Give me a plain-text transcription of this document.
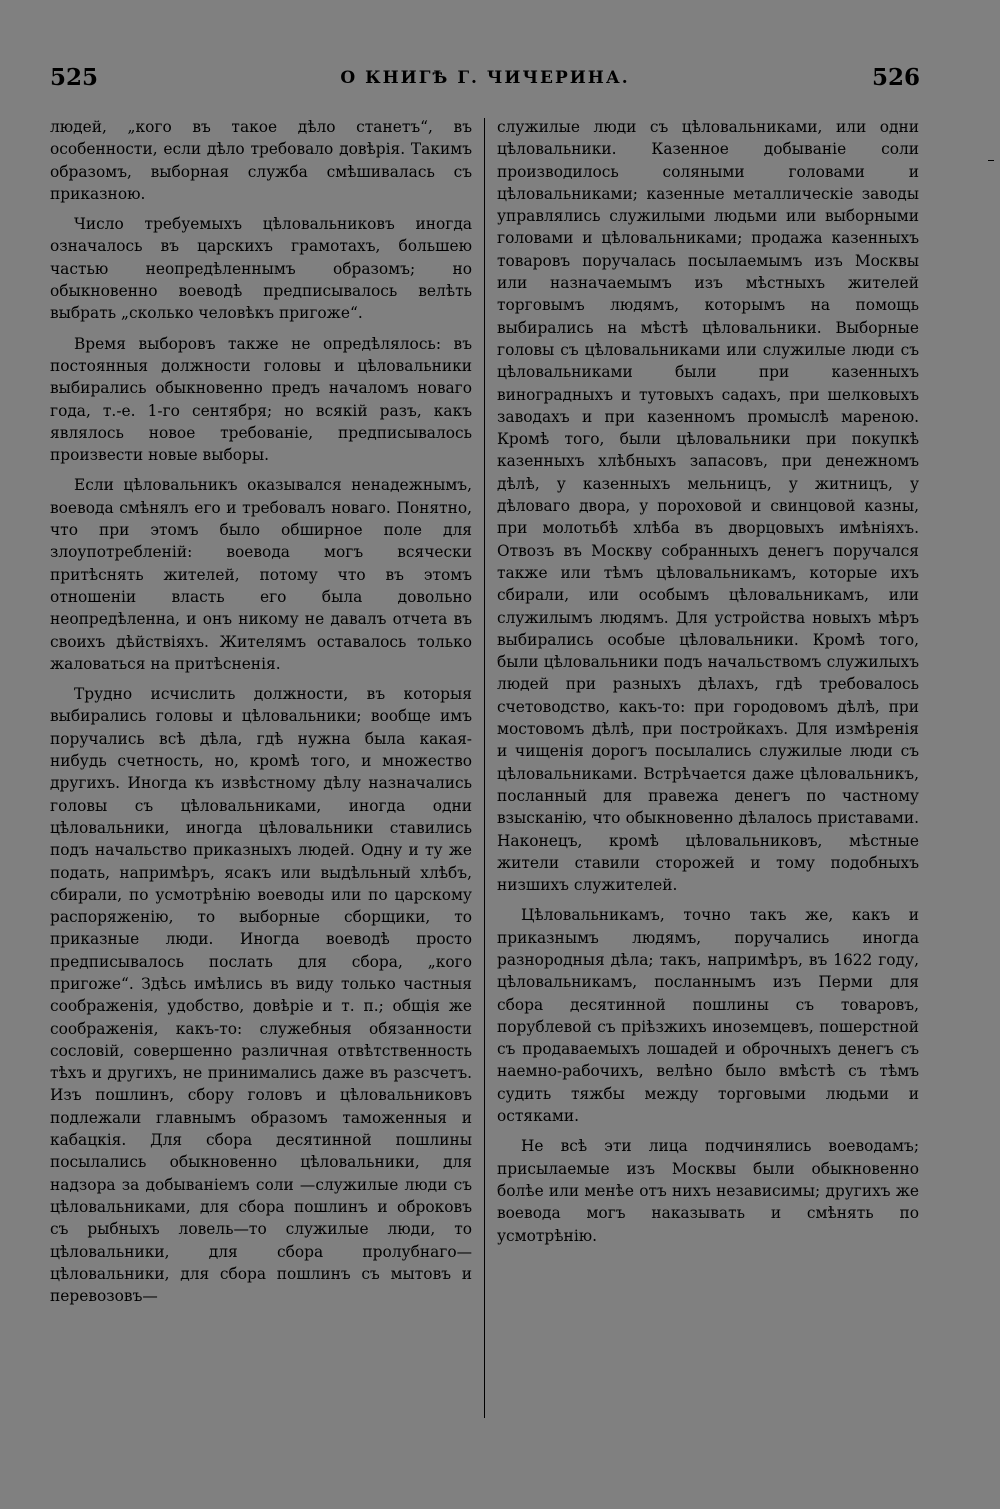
525	О КНИГѢ Г. ЧИЧЕРИНА.	526

людей, „кого въ такое дѣло станетъ“, въ особенности, если дѣло требовало довѣрія. Такимъ образомъ, выборная служба смѣшивалась съ приказною.

Число требуемыхъ цѣловальниковъ иногда означалось въ царскихъ грамотахъ, большею частью неопредѣленнымъ образомъ; но обыкновенно воеводѣ предписывалось велѣть выбрать „сколько человѣкъ пригоже“.

Время выборовъ также не опредѣлялось: въ постоянныя должности головы и цѣловальники выбирались обыкновенно предъ началомъ новаго года, т.-е. 1-го сентября; но всякій разъ, какъ являлось новое требованіе, предписывалось произвести новые выборы.

Если цѣловальникъ оказывался ненадежнымъ, воевода смѣнялъ его и требовалъ новаго. Понятно, что при этомъ было обширное поле для злоупотребленій: воевода могъ всячески притѣснять жителей, потому что въ этомъ отношеніи власть его была довольно неопредѣленна, и онъ никому не давалъ отчета въ своихъ дѣйствіяхъ. Жителямъ оставалось только жаловаться на притѣсненія.

Трудно исчислить должности, въ которыя выбирались головы и цѣловальники; вообще имъ поручались всѣ дѣла, гдѣ нужна была какая-нибудь счетность, но, кромѣ того, и множество другихъ. Иногда къ извѣстному дѣлу назначались головы съ цѣловальниками, иногда одни цѣловальники, иногда цѣловальники ставились подъ начальство приказныхъ людей. Одну и ту же подать, напримѣръ, ясакъ или выдѣльный хлѣбъ, сбирали, по усмотрѣнію воеводы или по царскому распоряженію, то выборные сборщики, то приказные люди. Иногда воеводѣ просто предписывалось послать для сбора, „кого пригоже“. Здѣсь имѣлись въ виду только частныя соображенія, удобство, довѣріе и т. п.; общія же соображенія, какъ-то: служебныя обязанности сословій, совершенно различная отвѣтственность тѣхъ и другихъ, не принимались даже въ разсчетъ. Изъ пошлинъ, сбору головъ и цѣловальниковъ подлежали главнымъ образомъ таможенныя и кабацкія. Для сбора десятинной пошлины посылались обыкновенно цѣловальники, для надзора за добываніемъ соли —служилые люди съ цѣловальниками, для сбора пошлинъ и оброковъ съ рыбныхъ ловель—то служилые люди, то цѣловальники, для сбора пролубнаго—цѣловальники, для сбора пошлинъ съ мытовъ и перевозовъ—

служилые люди съ цѣловальниками, или одни цѣловальники. Казенное добываніе соли производилось соляными головами и цѣловальниками; казенные металлическіе заводы управлялись служилыми людьми или выборными головами и цѣловальниками; продажа казенныхъ товаровъ поручалась посылаемымъ изъ Москвы или назначаемымъ изъ мѣстныхъ жителей торговымъ людямъ, которымъ на помощь выбирались на мѣстѣ цѣловальники. Выборные головы съ цѣловальниками или служилые люди съ цѣловальниками были при казенныхъ виноградныхъ и тутовыхъ садахъ, при шелковыхъ заводахъ и при казенномъ промыслѣ мареною. Кромѣ того, были цѣловальники при покупкѣ казенныхъ хлѣбныхъ запасовъ, при денежномъ дѣлѣ, у казенныхъ мельницъ, у житницъ, у дѣловаго двора, у пороховой и свинцовой казны, при молотьбѣ хлѣба въ дворцовыхъ имѣніяхъ. Отвозъ въ Москву собранныхъ денегъ поручался также или тѣмъ цѣловальникамъ, которые ихъ сбирали, или особымъ цѣловальникамъ, или служилымъ людямъ. Для устройства новыхъ мѣръ выбирались особые цѣловальники. Кромѣ того, были цѣловальники подъ начальствомъ служилыхъ людей при разныхъ дѣлахъ, гдѣ требовалось счетоводство, какъ-то: при городовомъ дѣлѣ, при мостовомъ дѣлѣ, при постройкахъ. Для измѣренія и чищенія дорогъ посылались служилые люди съ цѣловальниками. Встрѣчается даже цѣловальникъ, посланный для правежа денегъ по частному взысканію, что обыкновенно дѣлалось приставами. Наконецъ, кромѣ цѣловальниковъ, мѣстные жители ставили сторожей и тому подобныхъ низшихъ служителей.

Цѣловальникамъ, точно такъ же, какъ и приказнымъ людямъ, поручались иногда разнородныя дѣла; такъ, напримѣръ, въ 1622 году, цѣловальникамъ, посланнымъ изъ Перми для сбора десятинной пошлины съ товаровъ, порублевой съ пріѣзжихъ иноземцевъ, пошерстной съ продаваемыхъ лошадей и оброчныхъ денегъ съ наемно-рабочихъ, велѣно было вмѣстѣ съ тѣмъ судить тяжбы между торговыми людьми и остяками.

Не всѣ эти лица подчинялись воеводамъ; присылаемые изъ Москвы были обыкновенно болѣе или менѣе отъ нихъ независимы; другихъ же воевода могъ наказывать и смѣнять по усмотрѣнію.
